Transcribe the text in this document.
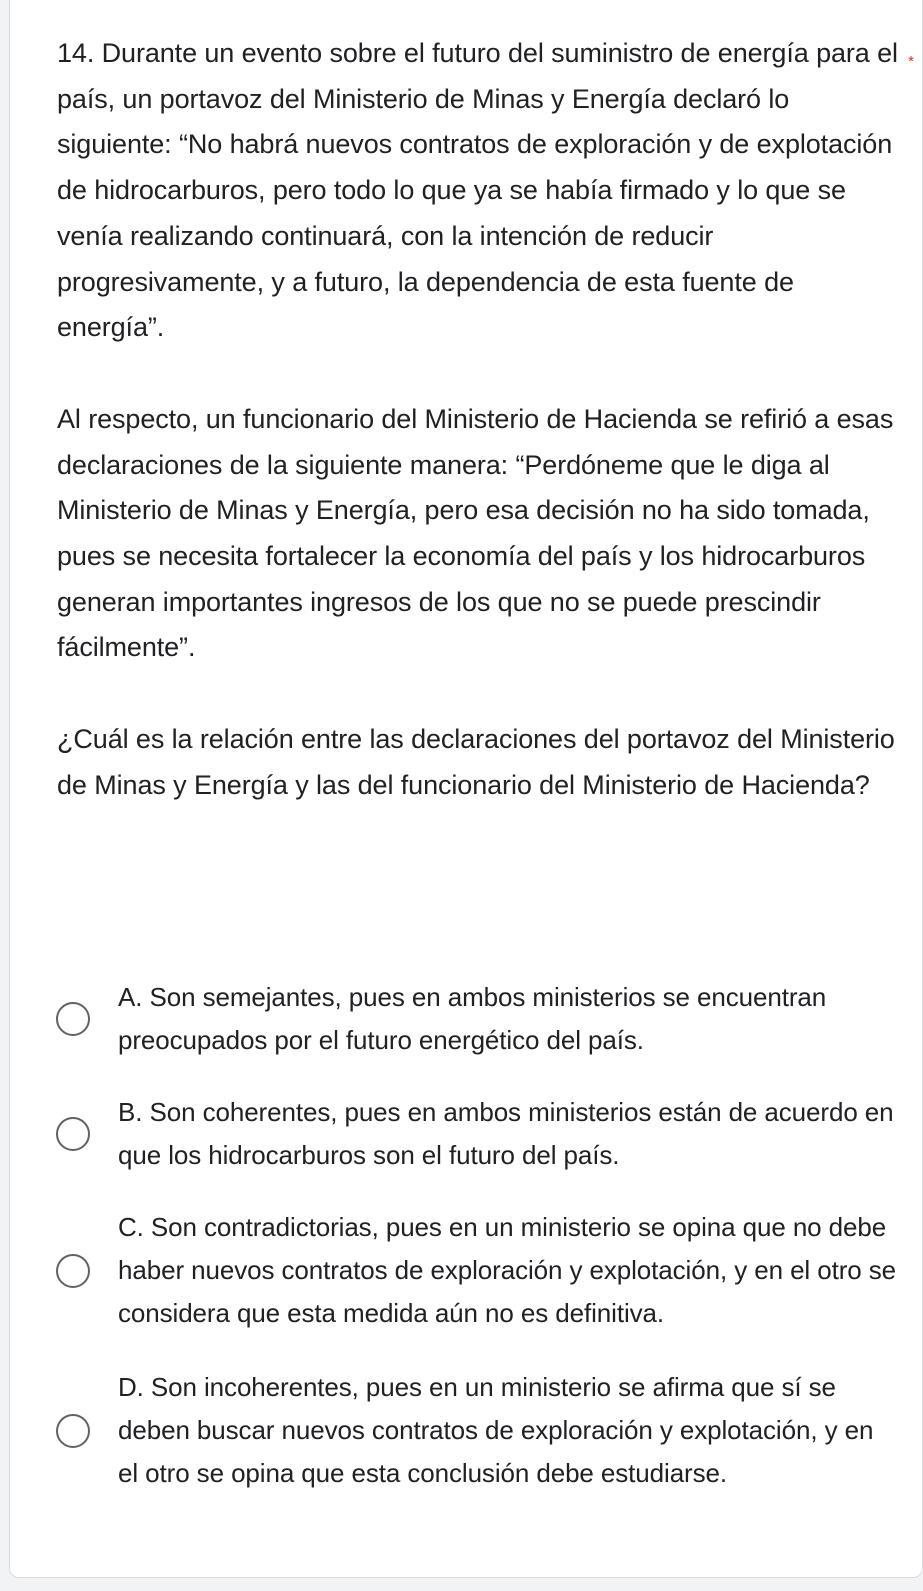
*

14. Durante un evento sobre el futuro del suministro de energía para el país, un portavoz del Ministerio de Minas y Energía declaró lo siguiente: “No habrá nuevos contratos de exploración y de explotación de hidrocarburos, pero todo lo que ya se había firmado y lo que se venía realizando continuará, con la intención de reducir progresivamente, y a futuro, la dependencia de esta fuente de energía”.

Al respecto, un funcionario del Ministerio de Hacienda se refirió a esas declaraciones de la siguiente manera: “Perdóneme que le diga al Ministerio de Minas y Energía, pero esa decisión no ha sido tomada, pues se necesita fortalecer la economía del país y los hidrocarburos generan importantes ingresos de los que no se puede prescindir fácilmente”.

¿Cuál es la relación entre las declaraciones del portavoz del Ministerio de Minas y Energía y las del funcionario del Ministerio de Hacienda?

A. Son semejantes, pues en ambos ministerios se encuentran preocupados por el futuro energético del país.
B. Son coherentes, pues en ambos ministerios están de acuerdo en que los hidrocarburos son el futuro del país.
C. Son contradictorias, pues en un ministerio se opina que no debe haber nuevos contratos de exploración y explotación, y en el otro se considera que esta medida aún no es definitiva.
D. Son incoherentes, pues en un ministerio se afirma que sí se deben buscar nuevos contratos de exploración y explotación, y en el otro se opina que esta conclusión debe estudiarse.
